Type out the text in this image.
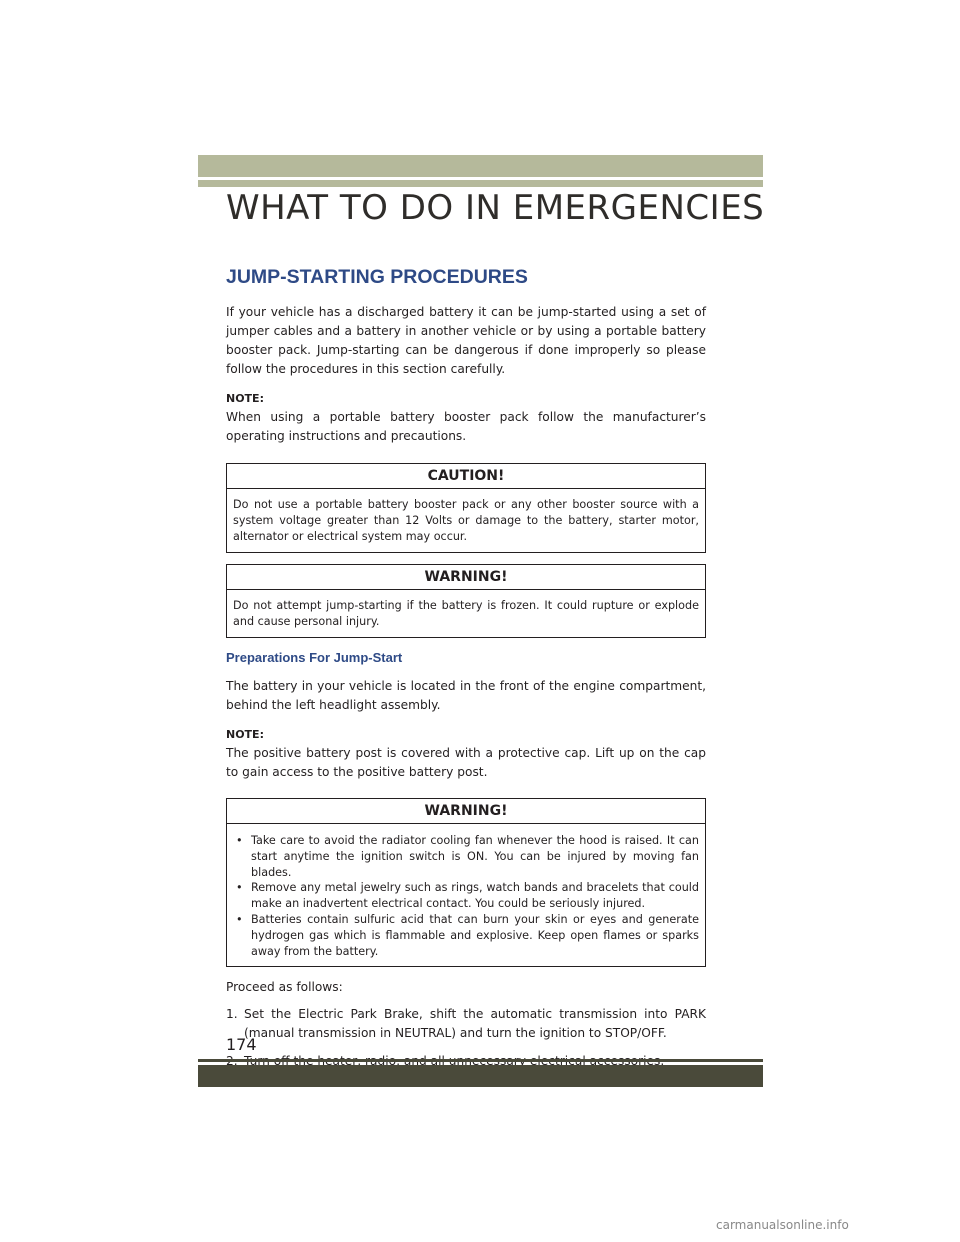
WHAT TO DO IN EMERGENCIES
JUMP-STARTING PROCEDURES

If your vehicle has a discharged battery it can be jump-started using a set of jumper cables and a battery in another vehicle or by using a portable battery booster pack. Jump-starting can be dangerous if done improperly so please follow the procedures in this section carefully.

NOTE:

When using a portable battery booster pack follow the manufacturer’s operating instructions and precautions.

CAUTION!
Do not use a portable battery booster pack or any other booster source with a system voltage greater than 12 Volts or damage to the battery, starter motor, alternator or electrical system may occur.
WARNING!
Do not attempt jump-starting if the battery is frozen. It could rupture or explode and cause personal injury.
Preparations For Jump-Start

The battery in your vehicle is located in the front of the engine compartment, behind the left headlight assembly.

NOTE:

The positive battery post is covered with a protective cap. Lift up on the cap to gain access to the positive battery post.

WARNING!
• Take care to avoid the radiator cooling fan whenever the hood is raised. It can start anytime the ignition switch is ON. You can be injured by moving fan blades.
• Remove any metal jewelry such as rings, watch bands and bracelets that could make an inadvertent electrical contact. You could be seriously injured.
• Batteries contain sulfuric acid that can burn your skin or eyes and generate hydrogen gas which is flammable and explosive. Keep open flames or sparks away from the battery.

Proceed as follows:

1. Set the Electric Park Brake, shift the automatic transmission into PARK (manual transmission in NEUTRAL) and turn the ignition to STOP/OFF.

174

carmanualsonline.info
